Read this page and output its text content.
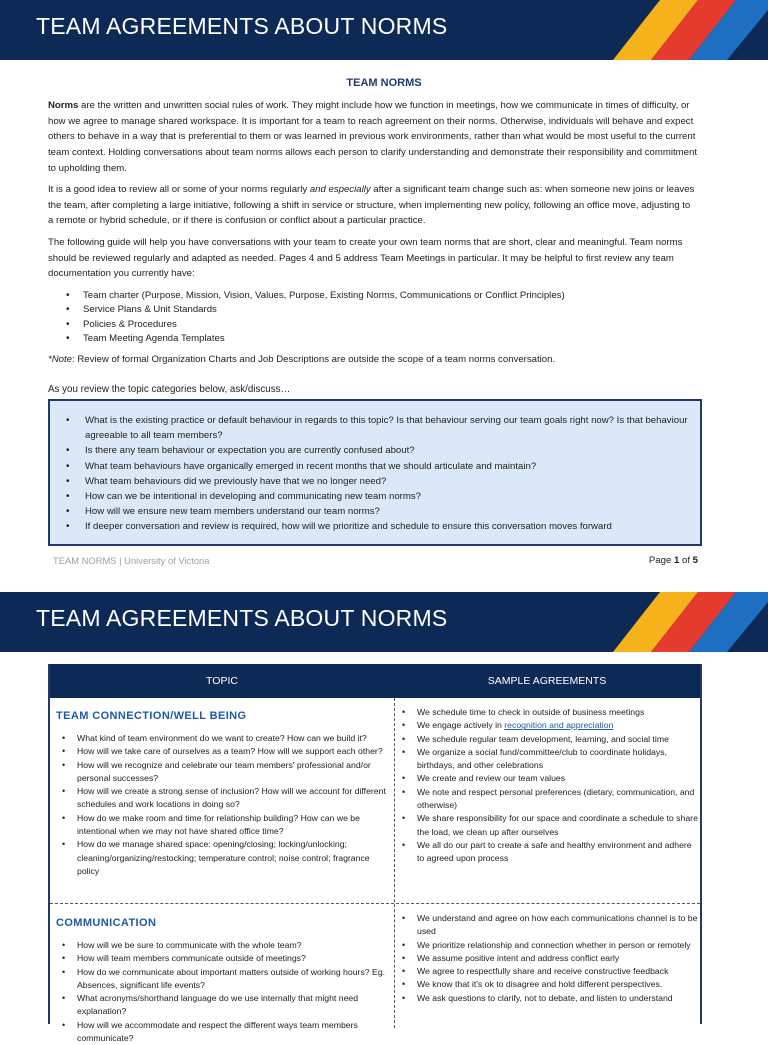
TEAM AGREEMENTS ABOUT NORMS
TEAM NORMS
Norms are the written and unwritten social rules of work. They might include how we function in meetings, how we communicate in times of difficulty, or how we agree to manage shared workspace. It is important for a team to reach agreement on their norms. Otherwise, individuals will behave and expect others to behave in a way that is preferential to them or was learned in previous work environments, rather than what would be most useful to the current team context. Holding conversations about team norms allows each person to clarify understanding and demonstrate their responsibility and commitment to upholding them.
It is a good idea to review all or some of your norms regularly and especially after a significant team change such as: when someone new joins or leaves the team, after completing a large initiative, following a shift in service or structure, when implementing new policy, following an office move, adjusting to a remote or hybrid schedule, or if there is confusion or conflict about a particular practice.
The following guide will help you have conversations with your team to create your own team norms that are short, clear and meaningful. Team norms should be reviewed regularly and adapted as needed. Pages 4 and 5 address Team Meetings in particular. It may be helpful to first review any team documentation you currently have:
• Team charter (Purpose, Mission, Vision, Values, Purpose, Existing Norms, Communications or Conflict Principles)
• Service Plans & Unit Standards
• Policies & Procedures
• Team Meeting Agenda Templates
*Note: Review of formal Organization Charts and Job Descriptions are outside the scope of a team norms conversation.
As you review the topic categories below, ask/discuss…
• What is the existing practice or default behaviour in regards to this topic? Is that behaviour serving our team goals right now? Is that behaviour agreeable to all team members?
• Is there any team behaviour or expectation you are currently confused about?
• What team behaviours have organically emerged in recent months that we should articulate and maintain?
• What team behaviours did we previously have that we no longer need?
• How can we be intentional in developing and communicating new team norms?
• How will we ensure new team members understand our team norms?
• If deeper conversation and review is required, how will we prioritize and schedule to ensure this conversation moves forward
TEAM NORMS | University of Victoria	Page 1 of 5
TEAM AGREEMENTS ABOUT NORMS
TOPIC	SAMPLE AGREEMENTS
TEAM CONNECTION/WELL BEING
• What kind of team environment do we want to create? How can we build it?
• How will we take care of ourselves as a team? How will we support each other?
• How will we recognize and celebrate our team members' professional and/or personal successes?
• How will we create a strong sense of inclusion? How will we account for different schedules and work locations in doing so?
• How do we make room and time for relationship building? How can we be intentional when we may not have shared office time?
• How do we manage shared space: opening/closing; locking/unlocking; cleaning/organizing/restocking; temperature control; noise control; fragrance policy
• We schedule time to check in outside of business meetings
• We engage actively in recognition and appreciation
• We schedule regular team development, learning, and social time
• We organize a social fund/committee/club to coordinate holidays, birthdays, and other celebrations
• We create and review our team values
• We note and respect personal preferences (dietary, communication, and otherwise)
• We share responsibility for our space and coordinate a schedule to share the load, we clean up after ourselves
• We all do our part to create a safe and healthy environment and adhere to agreed upon process
COMMUNICATION
• How will we be sure to communicate with the whole team?
• How will team members communicate outside of meetings?
• How do we communicate about important matters outside of working hours? Eg. Absences, significant life events?
• What acronyms/shorthand language do we use internally that might need explanation?
• How will we accommodate and respect the different ways team members communicate?
• We understand and agree on how each communications channel is to be used
• We prioritize relationship and connection whether in person or remotely
• We assume positive intent and address conflict early
• We agree to respectfully share and receive constructive feedback
• We know that it's ok to disagree and hold different perspectives.
• We ask questions to clarify, not to debate, and listen to understand
